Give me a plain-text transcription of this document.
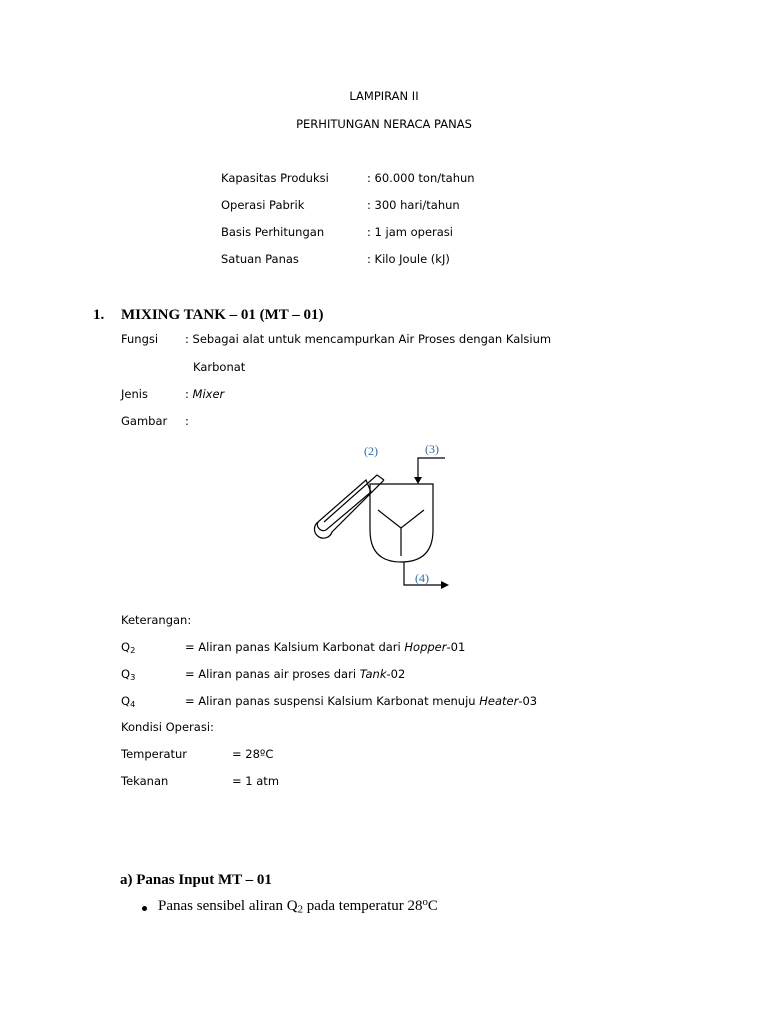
LAMPIRAN II
PERHITUNGAN NERACA PANAS
Kapasitas Produksi	: 60.000 ton/tahun
Operasi Pabrik	: 300 hari/tahun
Basis Perhitungan	: 1 jam operasi
Satuan Panas	: Kilo Joule (kJ)
1. MIXING TANK – 01 (MT – 01)
Fungsi : Sebagai alat untuk mencampurkan Air Proses dengan Kalsium
Karbonat
Jenis	: Mixer
Gambar :
(2)	(3)
(4)
Keterangan:
$Q_2$	= Aliran panas Kalsium Karbonat dari Hopper-01
$Q_3$	= Aliran panas air proses dari Tank-02
$Q_4$	= Aliran panas suspensi Kalsium Karbonat menuju Heater-03
Kondisi Operasi:
Temperatur	= 28ºC
Tekanan	= 1 atm
a) Panas Input MT – 01
Panas sensibel aliran $Q_2$ pada temperatur 28$^o$C
